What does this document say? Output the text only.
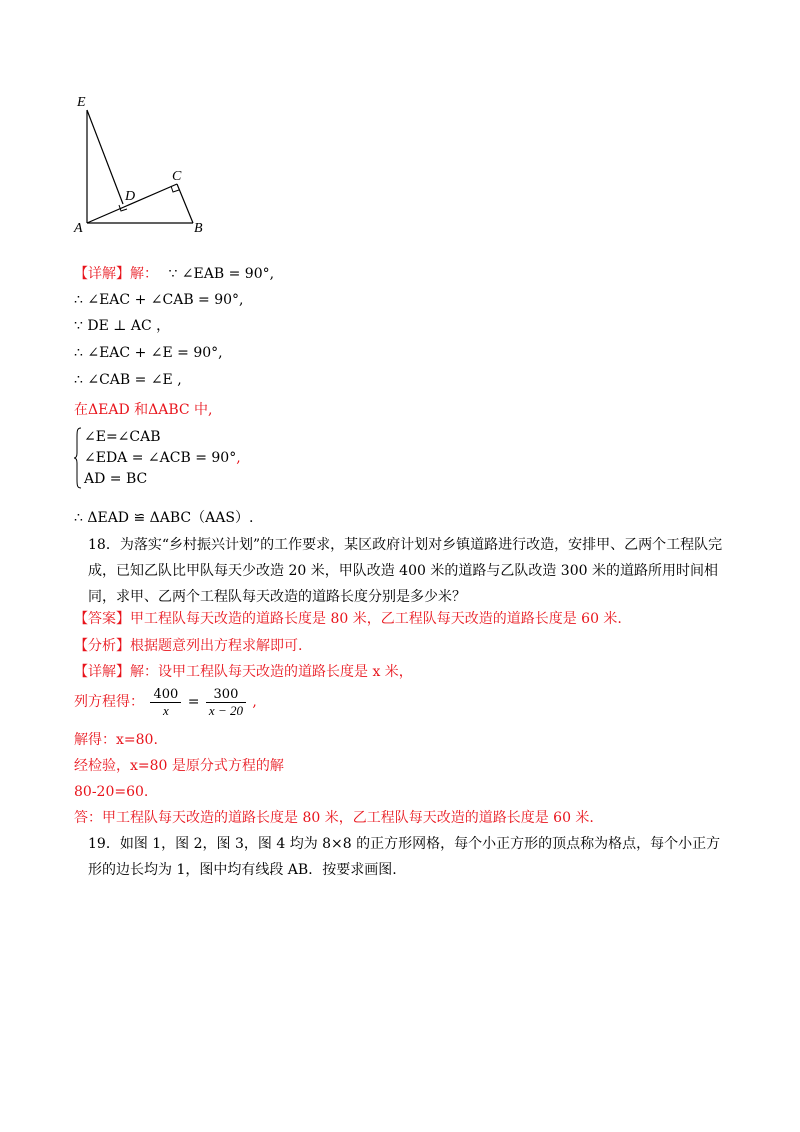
E
D
C
A	B
【详解】解： ∵ ∠EAB = 90°,
∴ ∠EAC + ∠CAB = 90°,
∵ DE ⊥ AC ，
∴ ∠EAC + ∠E = 90°,
∴ ∠CAB = ∠E ,
在ΔEAD 和ΔABC 中,
∠E=∠CAB
∠EDA = ∠ACB = 90°,
AD = BC
∴ ΔEAD ≌ ΔABC（AAS）.
18．为落实“乡村振兴计划”的工作要求，某区政府计划对乡镇道路进行改造，安排甲、乙两个工程队完成，已知乙队比甲队每天少改造 20 米，甲队改造 400 米的道路与乙队改造 300 米的道路所用时间相同，求甲、乙两个工程队每天改造的道路长度分别是多少米？
【答案】甲工程队每天改造的道路长度是 80 米，乙工程队每天改造的道路长度是 60 米.
【分析】根据题意列出方程求解即可.
【详解】解：设甲工程队每天改造的道路长度是 x 米，
列方程得： $\frac{400}{x} = \frac{300}{x - 20}$ ,
解得：x=80.
经检验，x=80 是原分式方程的解
80-20=60.
答：甲工程队每天改造的道路长度是 80 米，乙工程队每天改造的道路长度是 60 米.
19．如图 1，图 2，图 3，图 4 均为 8×8 的正方形网格，每个小正方形的顶点称为格点，每个小正方形的边长均为 1，图中均有线段 AB．按要求画图.
